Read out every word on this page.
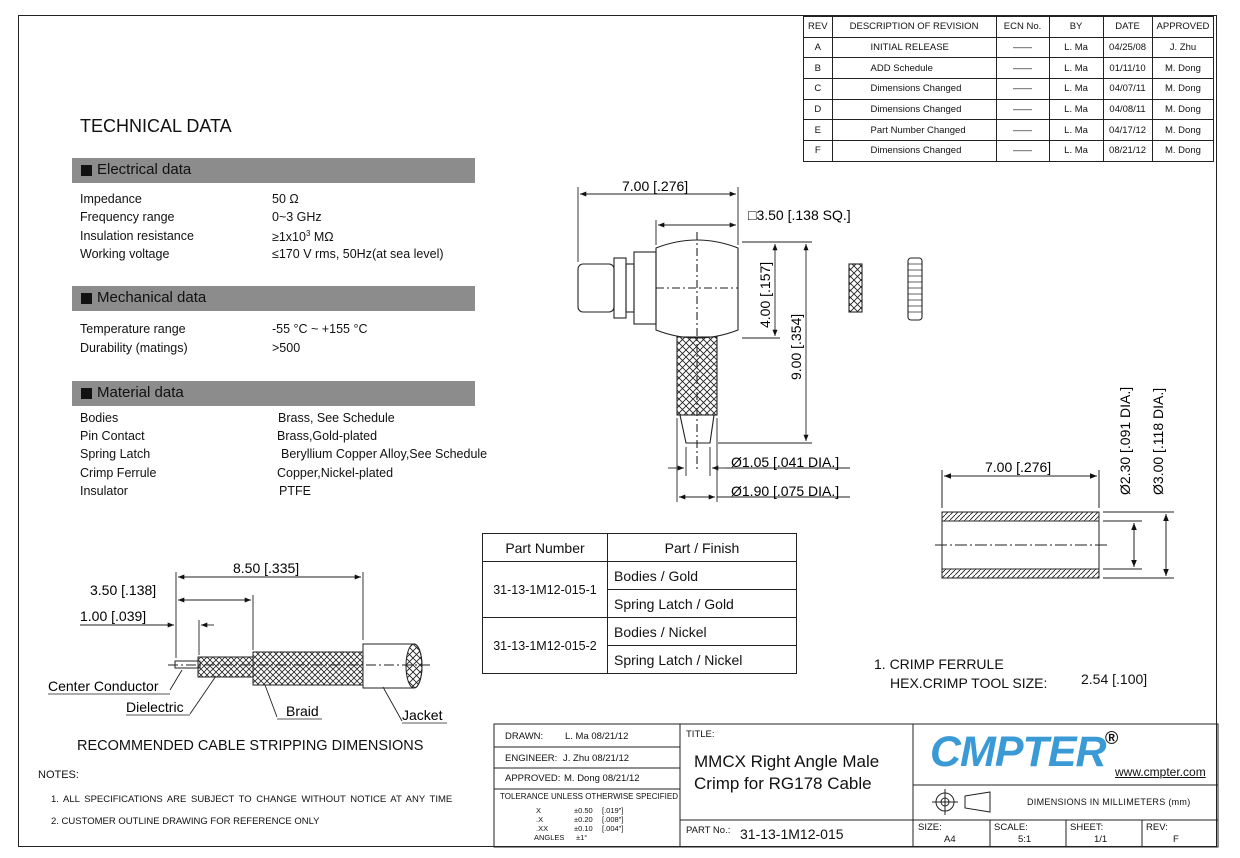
TECHNICAL DATA
Electrical data
Impedance	50 Ω
Frequency range	0~3 GHz
Insulation resistance	$\ge 1x10^3$ MΩ
Working voltage	≤170 V rms, 50Hz(at sea level)
Mechanical data
Temperature range	-55 °C ~ +155 °C
Durability (matings)	>500
Material data
Bodies	Brass, See Schedule
Pin Contact	Brass,Gold-plated
Spring Latch	Beryllium Copper Alloy,See Schedule
Crimp Ferrule	Copper,Nickel-plated
Insulator	PTFE
REV	DESCRIPTION OF REVISION	ECN No.	BY	DATE	APPROVED
A	INITIAL RELEASE	——	L. Ma	04/25/08	J. Zhu
B	ADD Schedule	——	L. Ma	01/11/10	M. Dong
C	Dimensions Changed	——	L. Ma	04/07/11	M. Dong
D	Dimensions Changed	——	L. Ma	04/08/11	M. Dong
E	Part Number Changed	——	L. Ma	04/17/12	M. Dong
F	Dimensions Changed	——	L. Ma	08/21/12	M. Dong
7.00 [.276]
□3.50 [.138 SQ.]
4.00 [.157]
9.00 [.354]
Ø1.05 [.041 DIA.]
Ø1.90 [.075 DIA.]
7.00 [.276]	Ø2.30 [.091 DIA.] Ø3.00 [.118 DIA.]
8.50 [.335]
3.50 [.138]
1.00 [.039]
Center Conductor
Dielectric	Braid	Jacket
Part Number	Part / Finish
31-13-1M12-015-1	Bodies / Gold
	Spring Latch / Gold
31-13-1M12-015-2	Bodies / Nickel
	Spring Latch / Nickel	1. CRIMP FERRULE
HEX.CRIMP TOOL SIZE: 2.54 [.100]
RECOMMENDED CABLE STRIPPING DIMENSIONS
NOTES:
1. ALL SPECIFICATIONS ARE SUBJECT TO CHANGE WITHOUT NOTICE AT ANY TIME
2. CUSTOMER OUTLINE DRAWING FOR REFERENCE ONLY
DRAWN: L. Ma 08/21/12
ENGINEER: J. Zhu 08/21/12
APPROVED: M. Dong 08/21/12
TOLERANCE UNLESS OTHERWISE SPECIFIED
X	±0.50 [.019"]
.X	±0.20 [.008"]
.XX	±0.10 [.004"]
ANGLES ±1°
TITLE:
MMCX Right Angle Male
Crimp for RG178 Cable
PART No.: 31-13-1M12-015
CMPTER ®
www.cmpter.com
DIMENSIONS IN MILLIMETERS (mm)
SIZE:
A4
SCALE:
5:1
SHEET:
1/1
REV:
F
